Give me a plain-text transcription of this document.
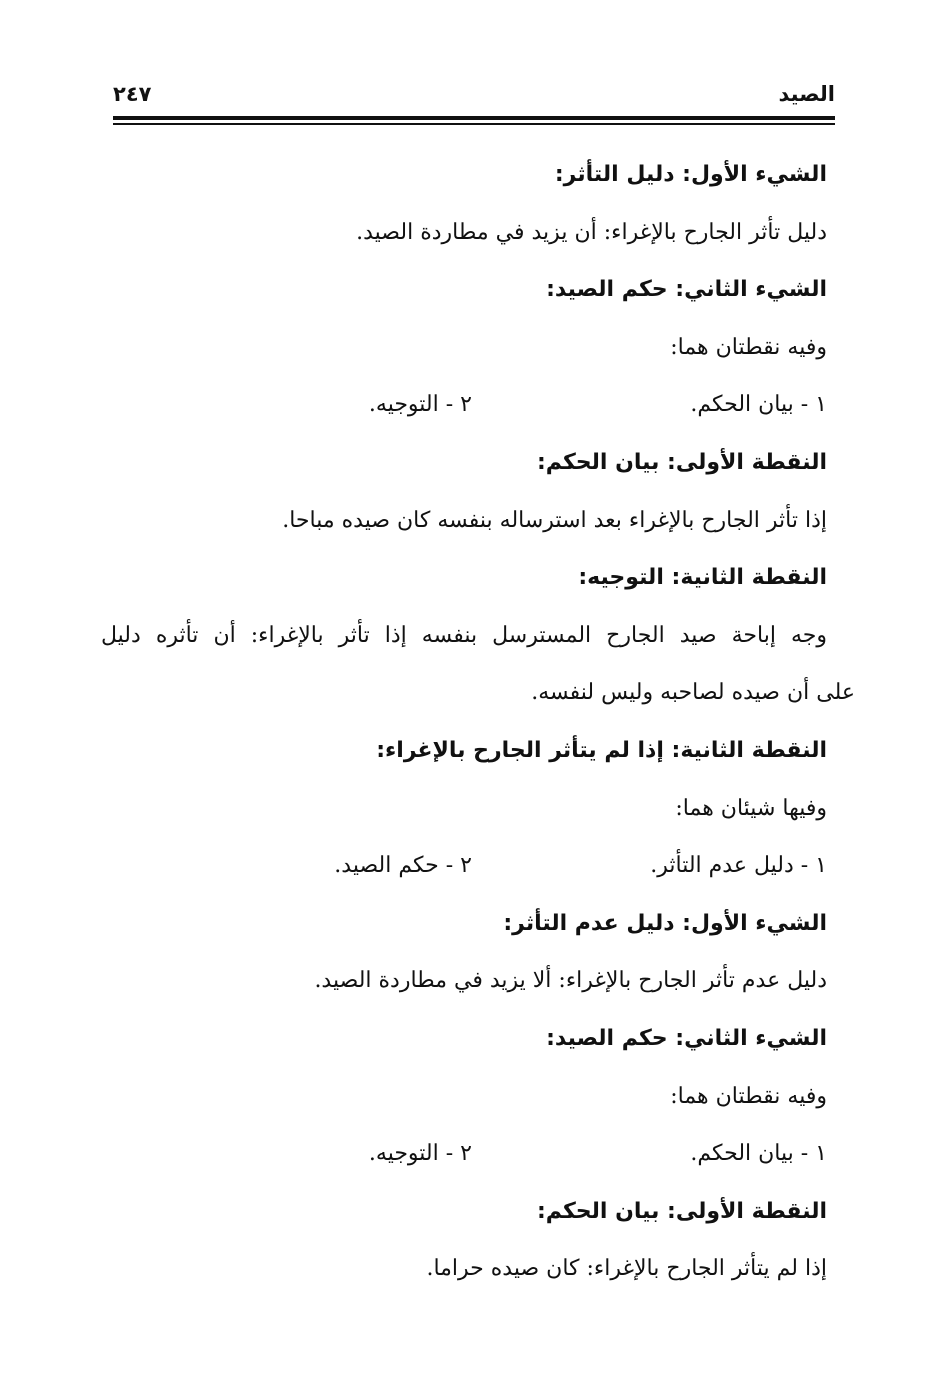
الصيد
٢٤٧
الشيء الأول: دليل التأثر:
دليل تأثر الجارح بالإغراء: أن يزيد في مطاردة الصيد.
الشيء الثاني: حكم الصيد:
وفيه نقطتان هما:
١ - بيان الحكم.
٢ - التوجيه.
النقطة الأولى: بيان الحكم:
إذا تأثر الجارح بالإغراء بعد استرساله بنفسه كان صيده مباحا.
النقطة الثانية: التوجيه:
وجه إباحة صيد الجارح المسترسل بنفسه إذا تأثر بالإغراء: أن تأثره دليل
على أن صيده لصاحبه وليس لنفسه.
النقطة الثانية: إذا لم يتأثر الجارح بالإغراء:
وفيها شيئان هما:
١ - دليل عدم التأثر.
٢ - حكم الصيد.
الشيء الأول: دليل عدم التأثر:
دليل عدم تأثر الجارح بالإغراء: ألا يزيد في مطاردة الصيد.
الشيء الثاني: حكم الصيد:
وفيه نقطتان هما:
١ - بيان الحكم.
٢ - التوجيه.
النقطة الأولى: بيان الحكم:
إذا لم يتأثر الجارح بالإغراء: كان صيده حراما.
